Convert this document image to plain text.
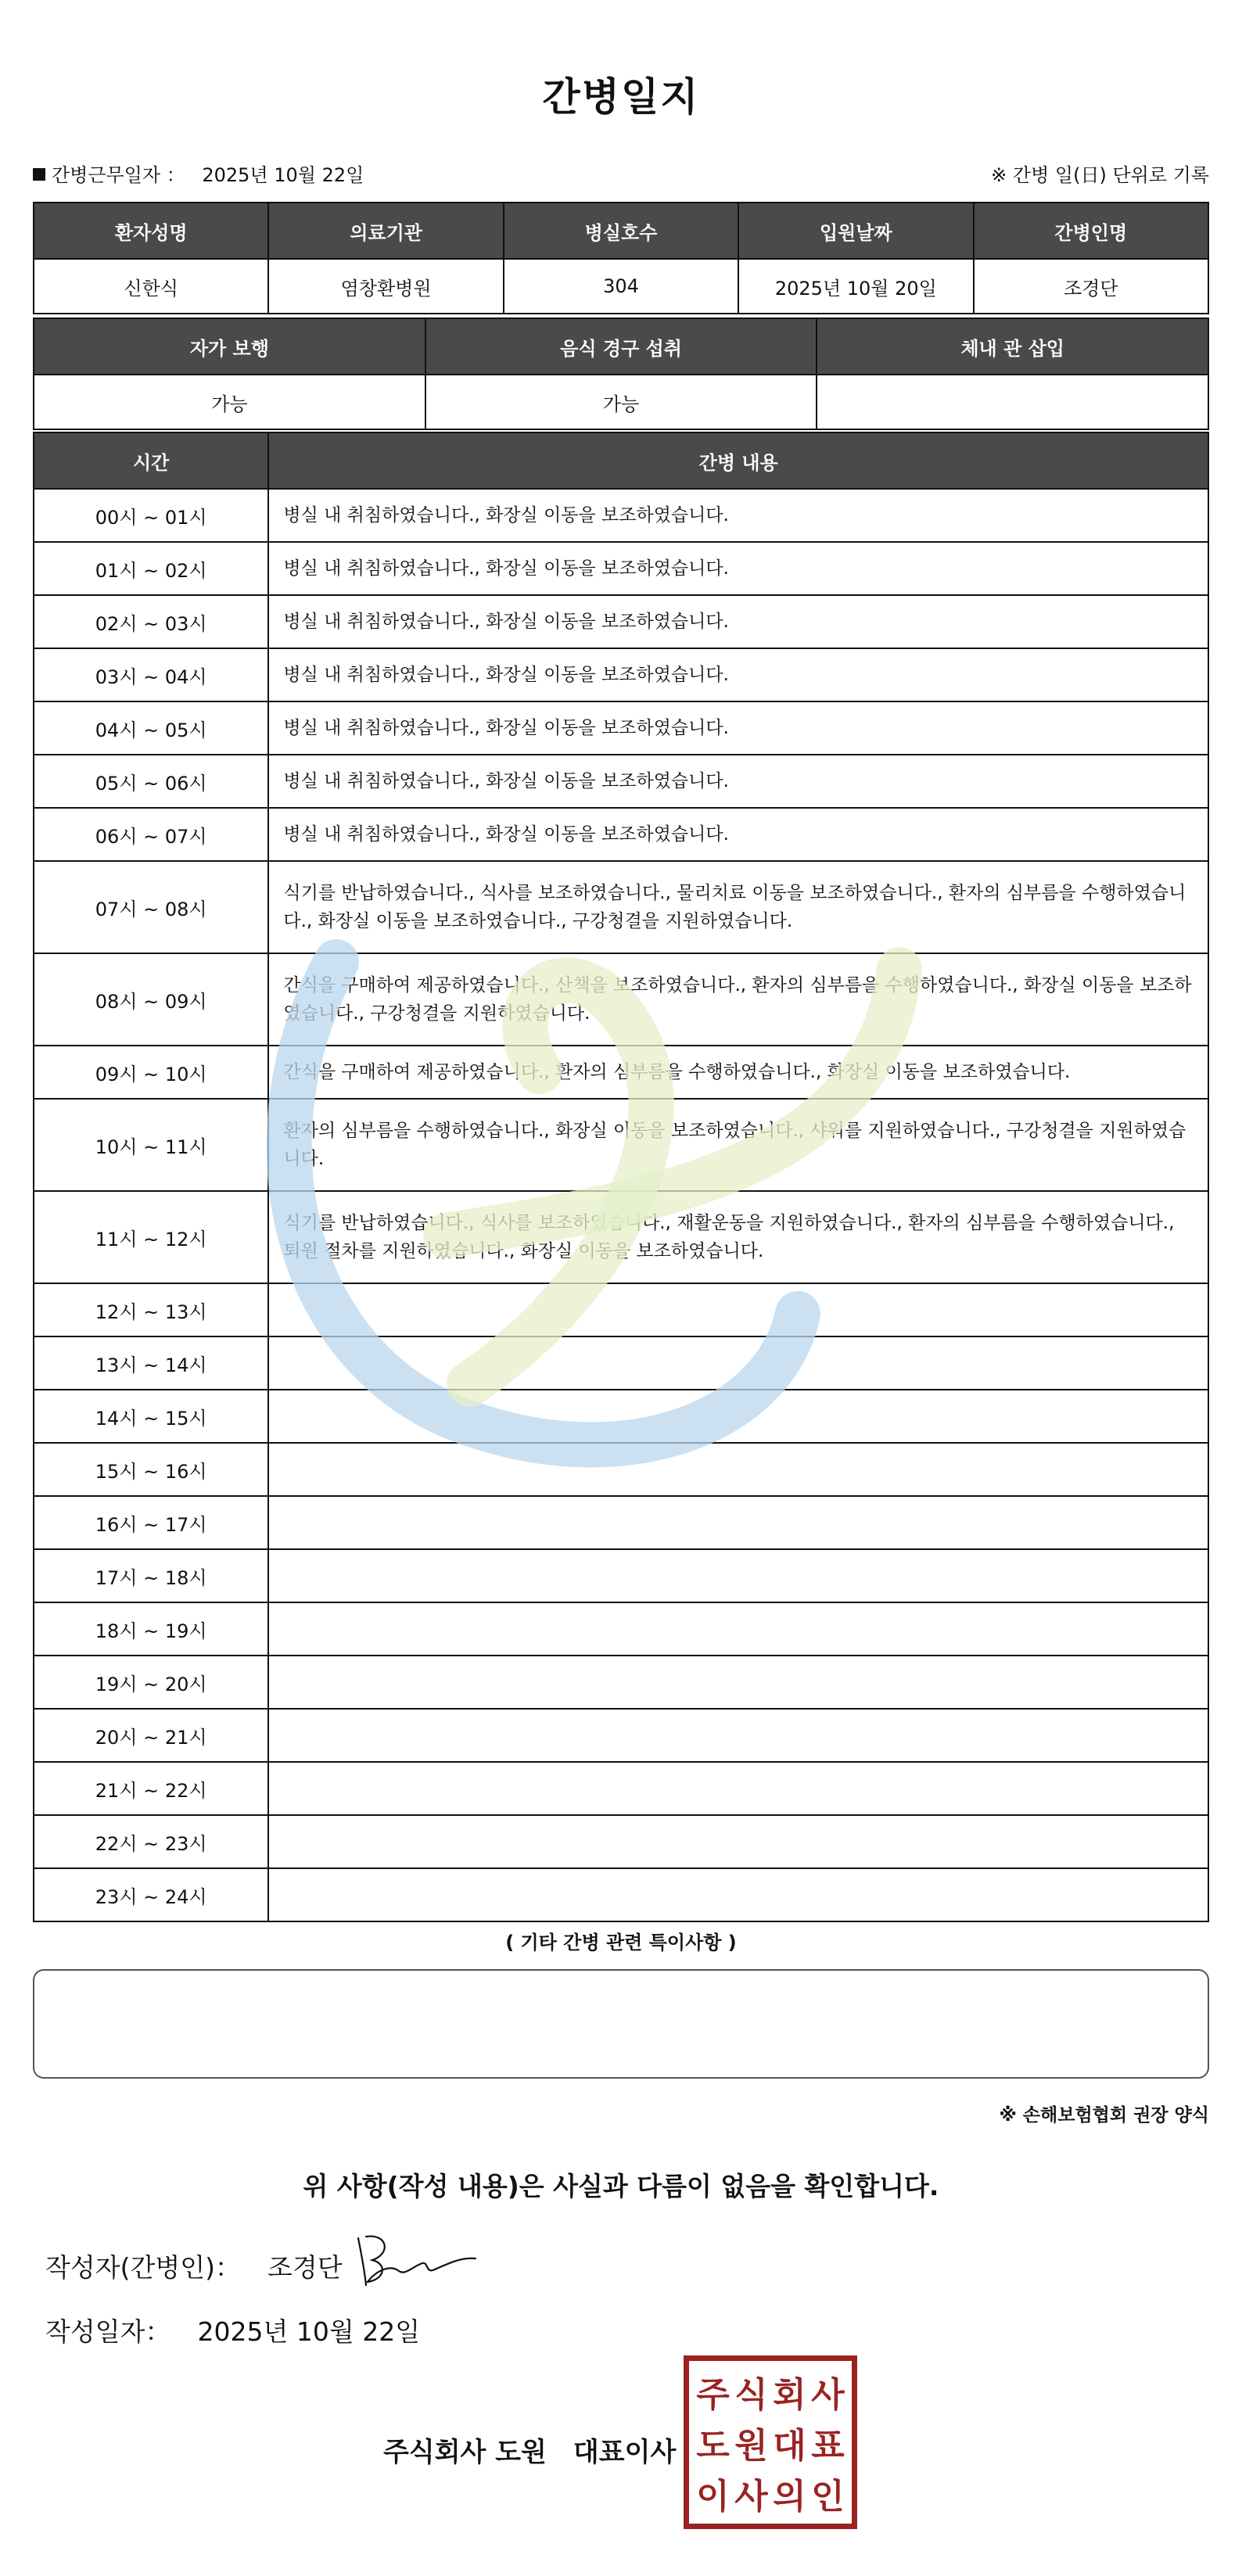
간병일지
간병근무일자 ： 2025년 10월 22일	※ 간병 일(日) 단위로 기록
환자성명	의료기관	병실호수	입원날짜	간병인명
신한식	염창환병원	304	2025년 10월 20일	조경단
자가 보행	음식 경구 섭취	체내 관 삽입
가능	가능	
시간	간병 내용
00시 ~ 01시	병실 내 취침하였습니다., 화장실 이동을 보조하였습니다.
01시 ~ 02시	병실 내 취침하였습니다., 화장실 이동을 보조하였습니다.
02시 ~ 03시	병실 내 취침하였습니다., 화장실 이동을 보조하였습니다.
03시 ~ 04시	병실 내 취침하였습니다., 화장실 이동을 보조하였습니다.
04시 ~ 05시	병실 내 취침하였습니다., 화장실 이동을 보조하였습니다.
05시 ~ 06시	병실 내 취침하였습니다., 화장실 이동을 보조하였습니다.
06시 ~ 07시	병실 내 취침하였습니다., 화장실 이동을 보조하였습니다.
07시 ~ 08시	식기를 반납하였습니다., 식사를 보조하였습니다., 물리치료 이동을 보조하였습니다., 환자의 심부름을 수행하였습니다., 화장실 이동을 보조하였습니다., 구강청결을 지원하였습니다.
08시 ~ 09시	간식을 구매하여 제공하였습니다., 산책을 보조하였습니다., 환자의 심부름을 수행하였습니다., 화장실 이동을 보조하였습니다., 구강청결을 지원하였습니다.
09시 ~ 10시	간식을 구매하여 제공하였습니다., 환자의 심부름을 수행하였습니다., 화장실 이동을 보조하였습니다.
10시 ~ 11시	환자의 심부름을 수행하였습니다., 화장실 이동을 보조하였습니다., 샤워를 지원하였습니다., 구강청결을 지원하였습니다.
11시 ~ 12시	식기를 반납하였습니다., 식사를 보조하였습니다., 재활운동을 지원하였습니다., 환자의 심부름을 수행하였습니다., 퇴원 절차를 지원하였습니다., 화장실 이동을 보조하였습니다.
12시 ~ 13시	
13시 ~ 14시	
14시 ~ 15시	
15시 ~ 16시	
16시 ~ 17시	
17시 ~ 18시	
18시 ~ 19시	
19시 ~ 20시	
20시 ~ 21시	
21시 ~ 22시	
22시 ~ 23시	
23시 ~ 24시	
( 기타 간병 관련 특이사항 )
※ 손해보험협회 권장 양식
위 사항(작성 내용)은 사실과 다름이 없음을 확인합니다.
작성자(간병인)： 조경단
작성일자： 2025년 10월 22일
주식회사 도원 대표이사
주 식 회 사
도 원 대 표
이 사 의 인
